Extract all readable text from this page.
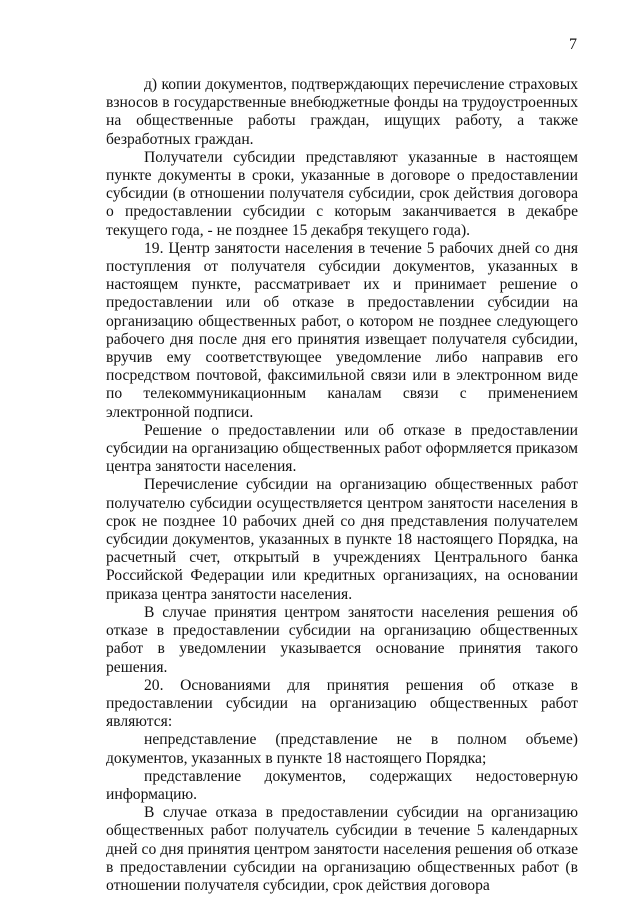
7

д) копии документов, подтверждающих перечисление страховых взносов в государственные внебюджетные фонды на трудоустроенных на общественные работы граждан, ищущих работу, а также безработных граждан.

Получатели субсидии представляют указанные в настоящем пункте документы в сроки, указанные в договоре о предоставлении субсидии (в отношении получателя субсидии, срок действия договора о предоставлении субсидии с которым заканчивается в декабре текущего года, - не позднее 15 декабря текущего года).

19. Центр занятости населения в течение 5 рабочих дней со дня поступления от получателя субсидии документов, указанных в настоящем пункте, рассматривает их и принимает решение о предоставлении или об отказе в предоставлении субсидии на организацию общественных работ, о котором не позднее следующего рабочего дня после дня его принятия извещает получателя субсидии, вручив ему соответствующее уведомление либо направив его посредством почтовой, факсимильной связи или в электронном виде по телекоммуникационным каналам связи с применением электронной подписи.

Решение о предоставлении или об отказе в предоставлении субсидии на организацию общественных работ оформляется приказом центра занятости населения.

Перечисление субсидии на организацию общественных работ получателю субсидии осуществляется центром занятости населения в срок не позднее 10 рабочих дней со дня представления получателем субсидии документов, указанных в пункте 18 настоящего Порядка, на расчетный счет, открытый в учреждениях Центрального банка Российской Федерации или кредитных организациях, на основании приказа центра занятости населения.

В случае принятия центром занятости населения решения об отказе в предоставлении субсидии на организацию общественных работ в уведомлении указывается основание принятия такого решения.

20. Основаниями для принятия решения об отказе в предоставлении субсидии на организацию общественных работ являются:

непредставление (представление не в полном объеме) документов, указанных в пункте 18 настоящего Порядка;

представление документов, содержащих недостоверную информацию.

В случае отказа в предоставлении субсидии на организацию общественных работ получатель субсидии в течение 5 календарных дней со дня принятия центром занятости населения решения об отказе в предоставлении субсидии на организацию общественных работ (в отношении получателя субсидии, срок действия договора
